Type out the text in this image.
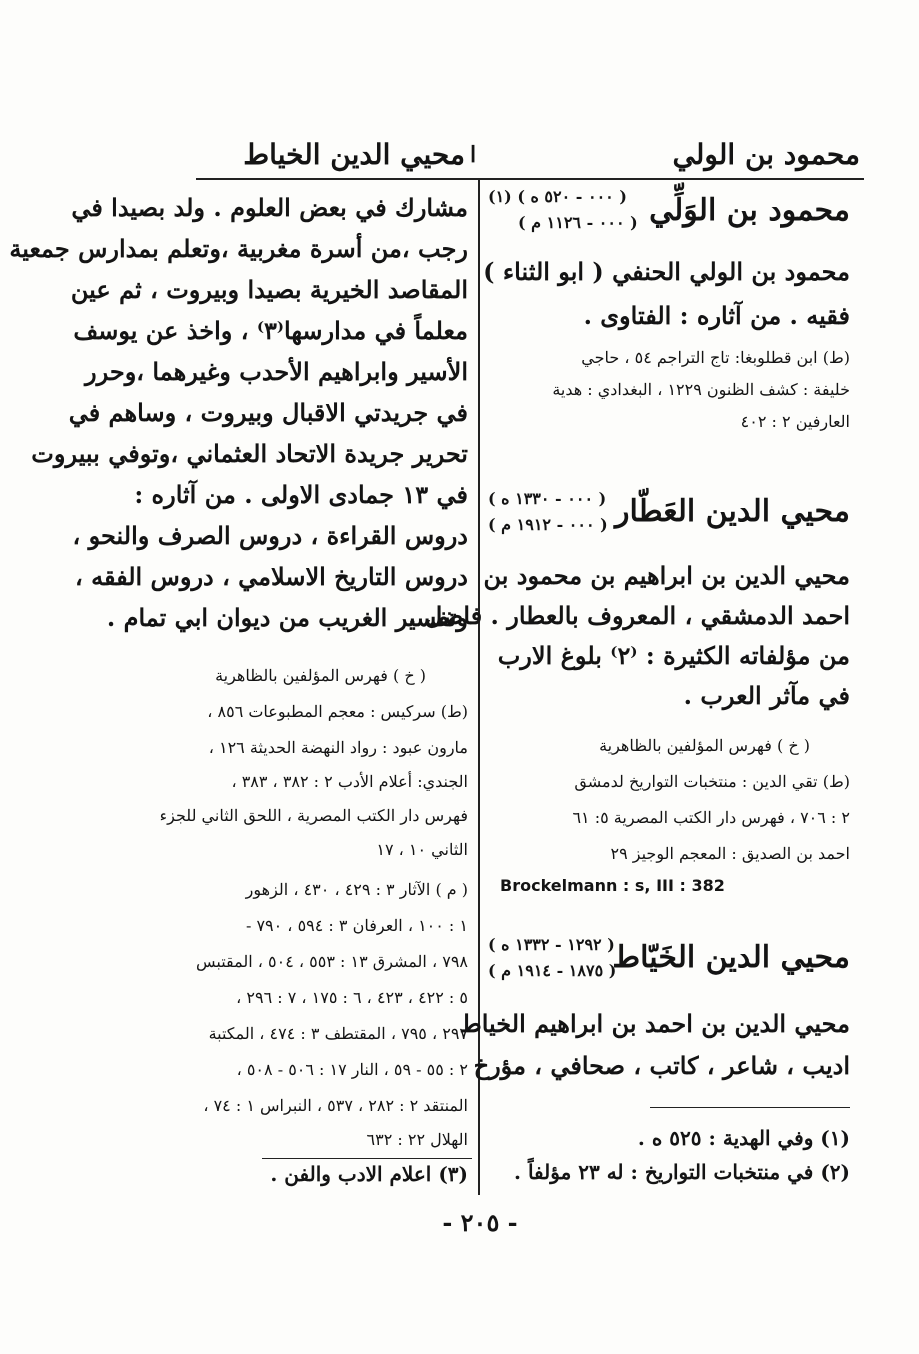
محمود بن الولي
ا
محيي الدين الخياط
محمود بن الوَلِّي
( ٠٠٠ - ٥٢٠ ‏ه ) (١)
( ٠٠٠ - ١١٢٦ م )
محمود بن الولي الحنفي ( ابو الثناء )
فقيه . من آثاره : الفتاوى .
(ط) ابن قطلوبغا: تاج التراجم ٥٤ ، حاجي
خليفة : كشف الظنون ١٢٢٩ ، البغدادي : هدية
العارفين ٢ : ٤٠٢
محيي الدين العَطّار
( ٠٠٠ - ١٣٣٠ ‏ه )
( ٠٠٠ - ١٩١٢ م )
محيي الدين بن ابراهيم بن محمود بن
احمد الدمشقي ، المعروف بالعطار . فاضل .
من مؤلفاته الكثيرة : ⁽٢⁾ بلوغ الارب
في مآثر العرب .
( خ ) فهرس المؤلفين بالظاهرية
(ط) تقي الدين : منتخبات التواريخ لدمشق
٢ : ٧٠٦ ، فهرس دار الكتب المصرية ٥: ٦١
احمد بن الصديق : المعجم الوجيز ٢٩
Brockelmann : s, III : 382
محيي الدين الخَيّاط
( ١٢٩٢ - ١٣٣٢ ‏ه )
( ١٨٧٥ - ١٩١٤ م )
محيي الدين بن احمد بن ابراهيم الخياط
اديب ، شاعر ، كاتب ، صحافي ، مؤرخ
(١) وفي الهدية : ٥٢٥ ‏ه .
(٢) في منتخبات التواريخ : له ٢٣ مؤلفاً .
مشارك في بعض العلوم . ولد بصيدا في
رجب ،من أسرة مغربية ،وتعلم بمدارس جمعية
المقاصد الخيرية بصيدا وبيروت ، ثم عين
معلماً في مدارسها⁽٣⁾ ، واخذ عن يوسف
الأسير وابراهيم الأحدب وغيرهما ،وحرر
في جريدتي الاقبال وبيروت ، وساهم في
تحرير جريدة الاتحاد العثماني ،وتوفي ببيروت
في ١٣ جمادى الاولى . من آثاره :
دروس القراءة ، دروس الصرف والنحو ،
دروس التاريخ الاسلامي ، دروس الفقه ،
وتفسير الغريب من ديوان ابي تمام .
( خ ) فهرس المؤلفين بالظاهرية
(ط) سركيس : معجم المطبوعات ٨٥٦ ،
مارون عبود : رواد النهضة الحديثة ١٢٦ ،
الجندي: أعلام الأدب ٢ : ٣٨٢ ، ٣٨٣ ،
فهرس دار الكتب المصرية ، اللحق الثاني للجزء
الثاني ١٠ ، ١٧
( م ) الآثار ٣ : ٤٢٩ ، ٤٣٠ ، الزهور
١ : ١٠٠ ، العرفان ٣ : ٥٩٤ ، ٧٩٠ -
٧٩٨ ، المشرق ١٣ : ٥٥٣ ، ٥٠٤ ، المقتبس
٥ : ٤٢٢ ، ٤٢٣ ، ٦ : ١٧٥ ، ٧ : ٢٩٦ ،
٢٩٧ ، ٧٩٥ ، المقتطف ٣ : ٤٧٤ ، المكتبة
٢ : ٥٥ - ٥٩ ، النار ١٧ : ٥٠٦ - ٥٠٨ ،
المنتقد ٢ : ٢٨٢ ، ٥٣٧ ، النبراس ١ : ٧٤ ،
الهلال ٢٢ : ٦٣٢
(٣) اعلام الادب والفن .
- ٢٠٥ -
